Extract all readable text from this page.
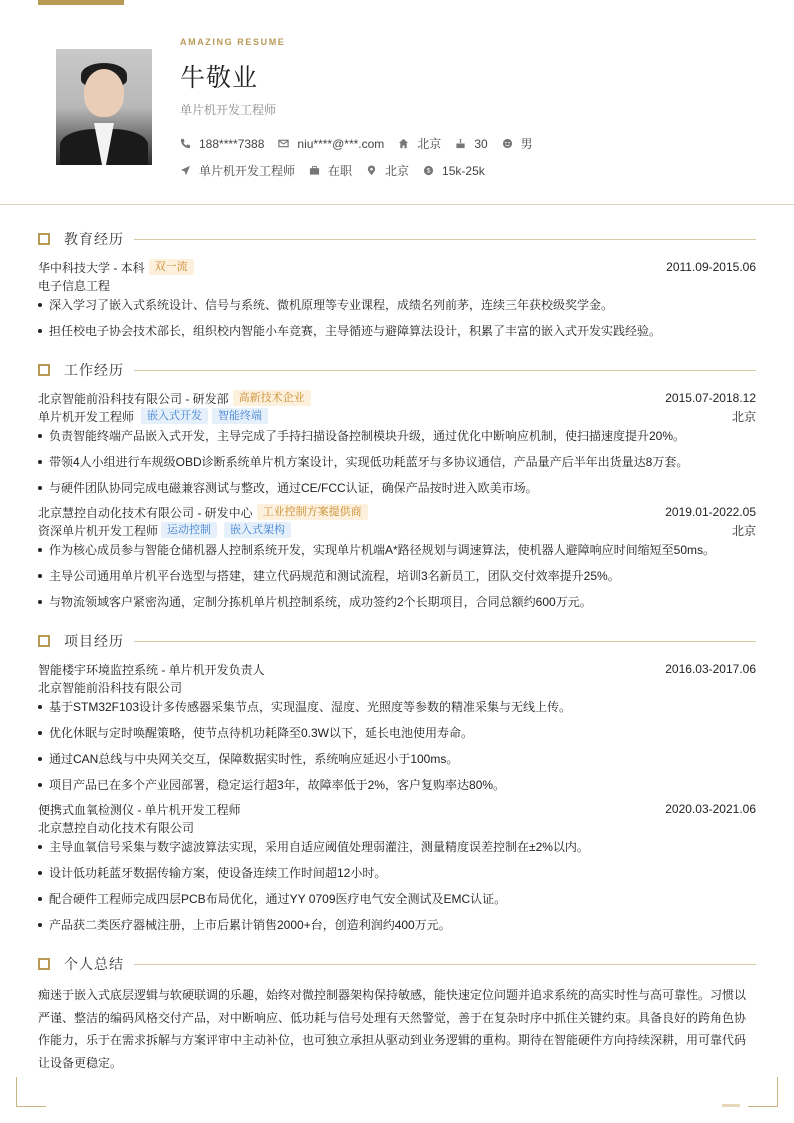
AMAZING RESUME
牛敬业
单片机开发工程师
188****7388	niu****@***.com	北京	30	男
单片机开发工程师	在职	北京	$ 15k-25k
教育经历
华中科技大学 - 本科 双一流	2011.09-2015.06
电子信息工程
深入学习了嵌入式系统设计、信号与系统、微机原理等专业课程，成绩名列前茅，连续三年获校级奖学金。
担任校电子协会技术部长，组织校内智能小车竞赛，主导循迹与避障算法设计，积累了丰富的嵌入式开发实践经验。
工作经历
北京智能前沿科技有限公司 - 研发部 高新技术企业	2015.07-2018.12
单片机开发工程师	嵌入式开发	智能终端	北京
负责智能终端产品嵌入式开发，主导完成了手持扫描设备控制模块升级，通过优化中断响应机制，使扫描速度提升20%。
带领4人小组进行车规级OBD诊断系统单片机方案设计，实现低功耗蓝牙与多协议通信，产品量产后半年出货量达8万套。
与硬件团队协同完成电磁兼容测试与整改，通过CE/FCC认证，确保产品按时进入欧美市场。
北京慧控自动化技术有限公司 - 研发中心 工业控制方案提供商	2019.01-2022.05
资深单片机开发工程师 运动控制	嵌入式架构	北京
作为核心成员参与智能仓储机器人控制系统开发，实现单片机端A*路径规划与调速算法，使机器人避障响应时间缩短至50ms。
主导公司通用单片机平台选型与搭建，建立代码规范和测试流程，培训3名新员工，团队交付效率提升25%。
与物流领域客户紧密沟通，定制分拣机单片机控制系统，成功签约2个长期项目，合同总额约600万元。
项目经历
智能楼宇环境监控系统 - 单片机开发负责人	2016.03-2017.06
北京智能前沿科技有限公司
基于STM32F103设计多传感器采集节点，实现温度、湿度、光照度等参数的精准采集与无线上传。
优化休眠与定时唤醒策略，使节点待机功耗降至0.3W以下，延长电池使用寿命。
通过CAN总线与中央网关交互，保障数据实时性，系统响应延迟小于100ms。
项目产品已在多个产业园部署，稳定运行超3年，故障率低于2%，客户复购率达80%。
便携式血氧检测仪 - 单片机开发工程师	2020.03-2021.06
北京慧控自动化技术有限公司
主导血氧信号采集与数字滤波算法实现，采用自适应阈值处理弱灌注，测量精度误差控制在±2%以内。
设计低功耗蓝牙数据传输方案，使设备连续工作时间超12小时。
配合硬件工程师完成四层PCB布局优化，通过YY 0709医疗电气安全测试及EMC认证。
产品获二类医疗器械注册，上市后累计销售2000+台，创造利润约400万元。
个人总结
痴迷于嵌入式底层逻辑与软硬联调的乐趣，始终对微控制器架构保持敏感，能快速定位问题并追求系统的高实时性与高可靠性。习惯以严谨、整洁的编码风格交付产品，对中断响应、低功耗与信号处理有天然警觉，善于在复杂时序中抓住关键约束。具备良好的跨角色协作能力，乐于在需求拆解与方案评审中主动补位，也可独立承担从驱动到业务逻辑的重构。期待在智能硬件方向持续深耕，用可靠代码让设备更稳定。
